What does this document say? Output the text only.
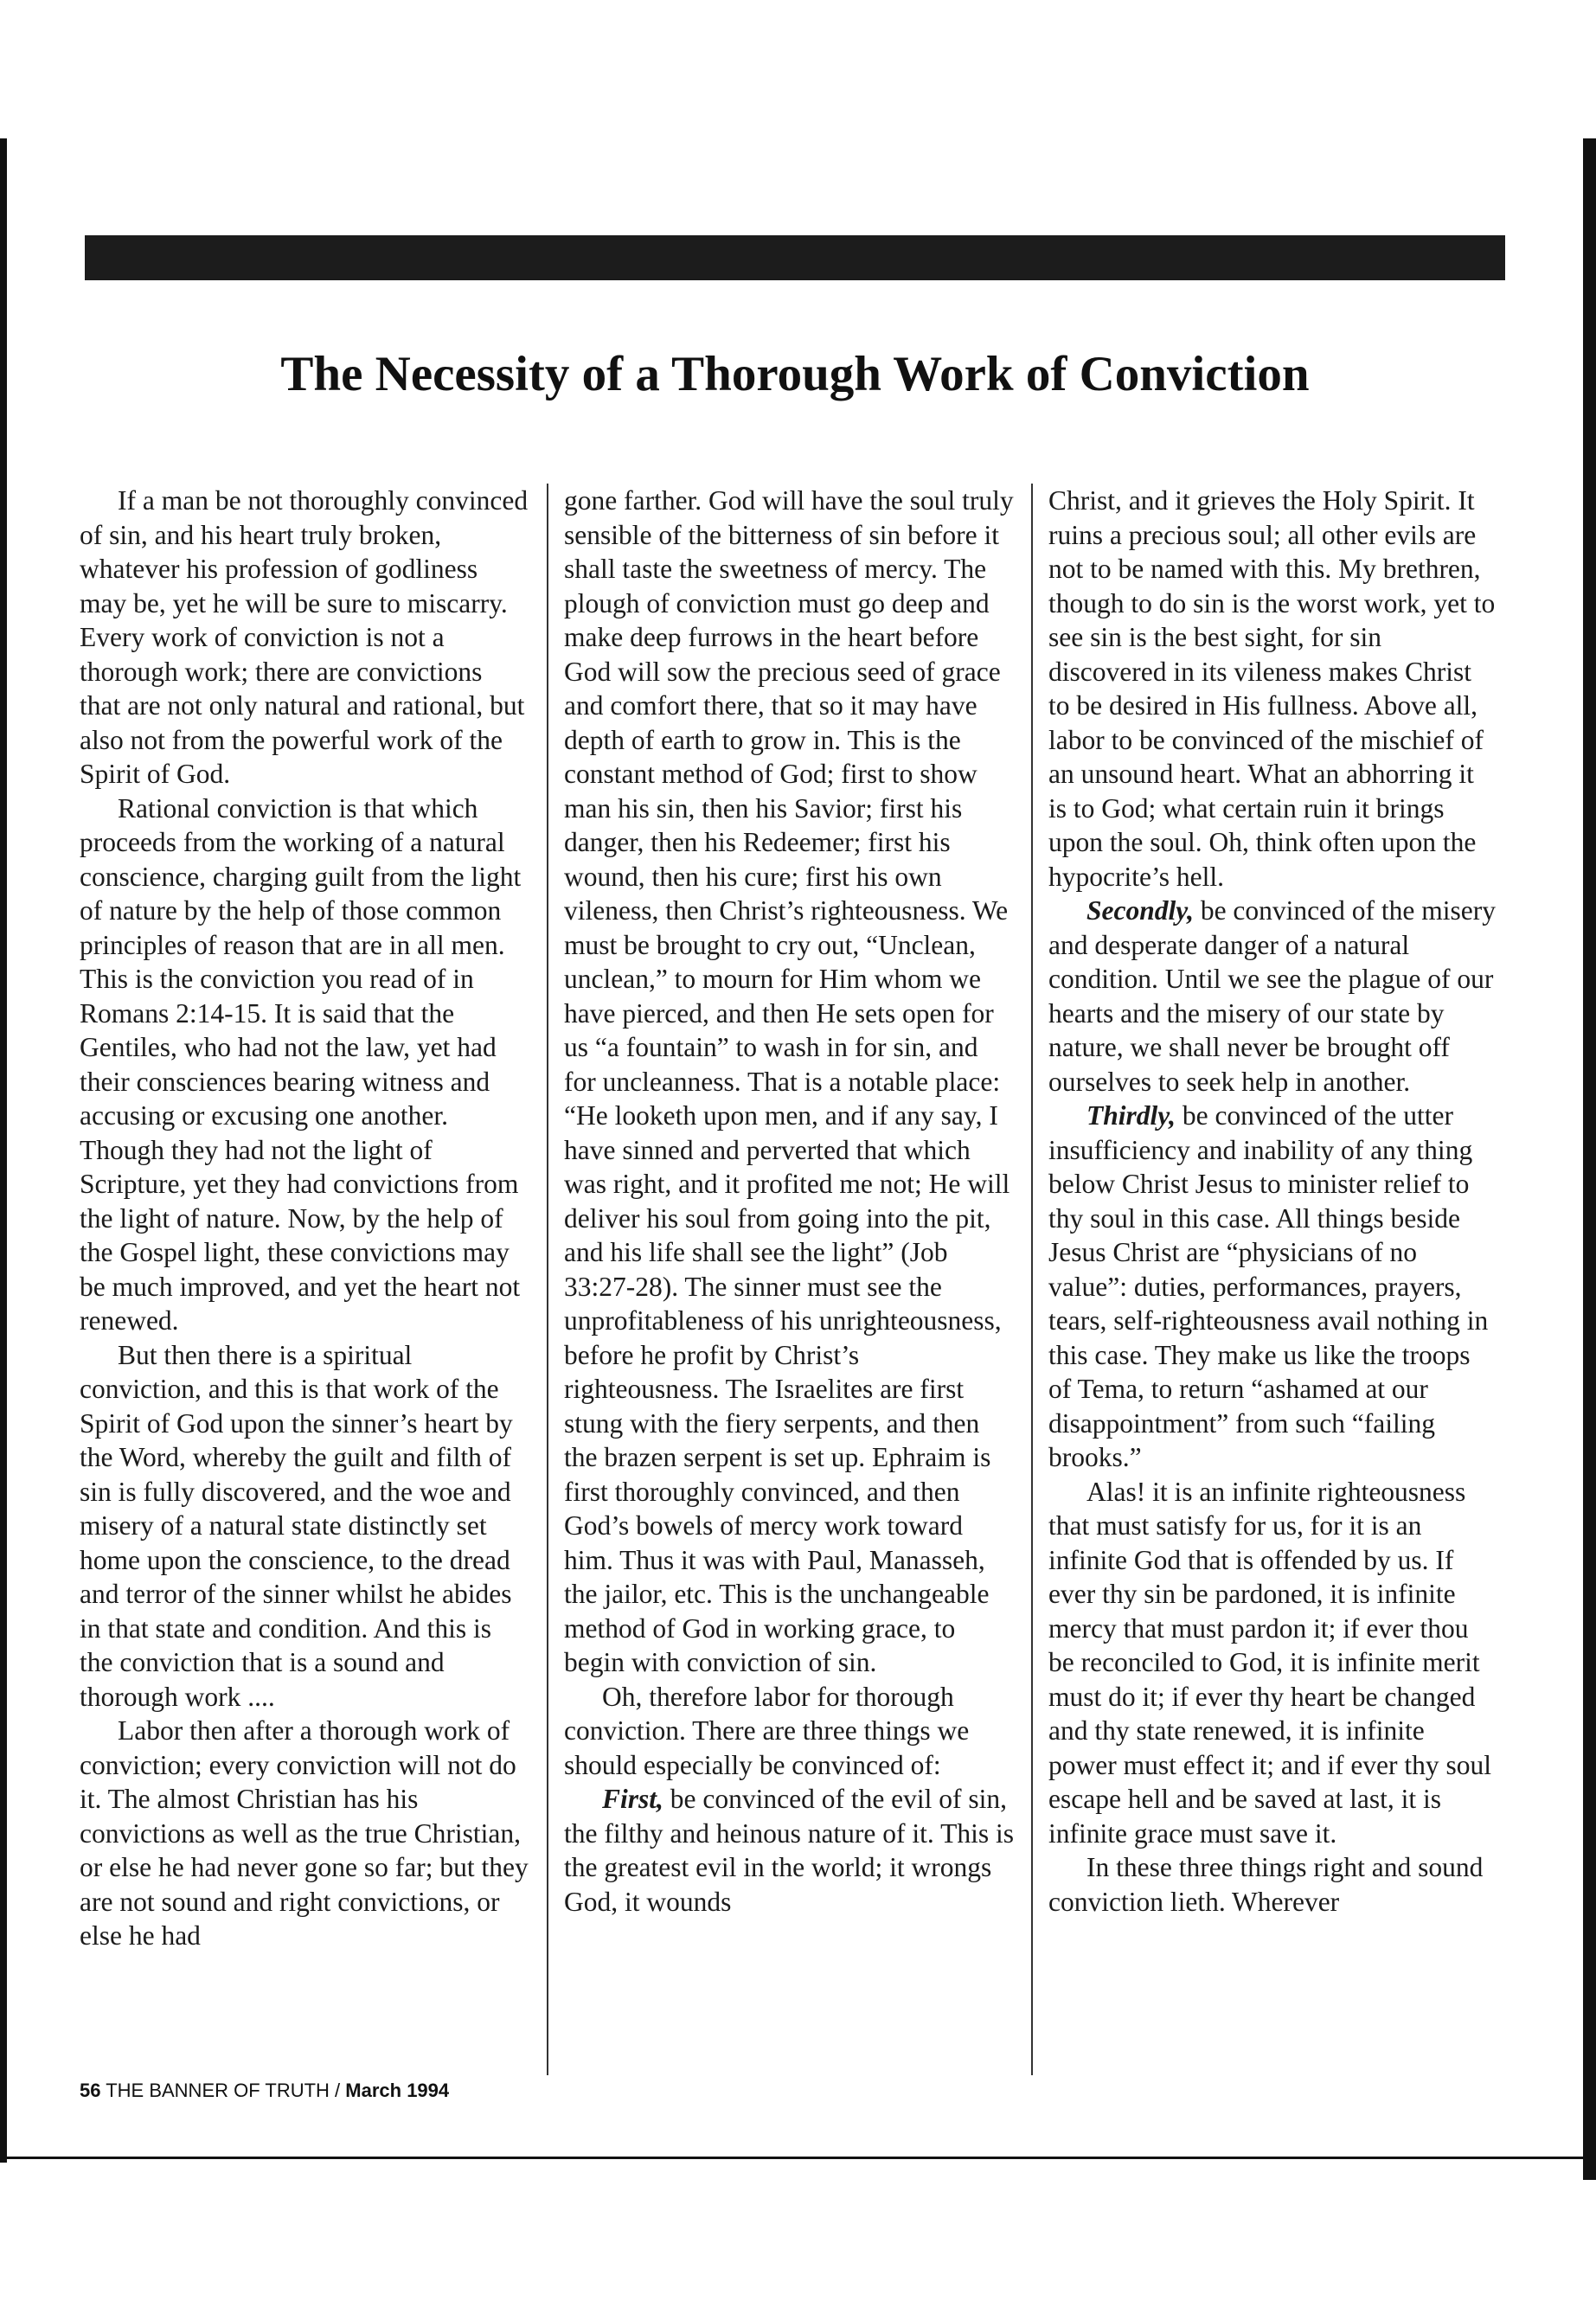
The Necessity of a Thorough Work of Conviction

If a man be not thoroughly convinced of sin, and his heart truly broken, whatever his profession of godliness may be, yet he will be sure to miscarry. Every work of conviction is not a thorough work; there are convictions that are not only natural and rational, but also not from the powerful work of the Spirit of God.

Rational conviction is that which proceeds from the working of a natural conscience, charging guilt from the light of nature by the help of those common principles of reason that are in all men. This is the conviction you read of in Romans 2:14-15. It is said that the Gentiles, who had not the law, yet had their consciences bearing witness and accusing or excusing one another. Though they had not the light of Scripture, yet they had convictions from the light of nature. Now, by the help of the Gospel light, these convictions may be much improved, and yet the heart not renewed.

But then there is a spiritual conviction, and this is that work of the Spirit of God upon the sinner’s heart by the Word, whereby the guilt and filth of sin is fully discovered, and the woe and misery of a natural state distinctly set home upon the conscience, to the dread and terror of the sinner whilst he abides in that state and condition. And this is the conviction that is a sound and thorough work ....

Labor then after a thorough work of conviction; every conviction will not do it. The almost Christian has his convictions as well as the true Christian, or else he had never gone so far; but they are not sound and right convictions, or else he had

gone farther. God will have the soul truly sensible of the bitterness of sin before it shall taste the sweetness of mercy. The plough of conviction must go deep and make deep furrows in the heart before God will sow the precious seed of grace and comfort there, that so it may have depth of earth to grow in. This is the constant method of God; first to show man his sin, then his Savior; first his danger, then his Redeemer; first his wound, then his cure; first his own vileness, then Christ’s righteousness. We must be brought to cry out, “Unclean, unclean,” to mourn for Him whom we have pierced, and then He sets open for us “a fountain” to wash in for sin, and for uncleanness. That is a notable place: “He looketh upon men, and if any say, I have sinned and perverted that which was right, and it profited me not; He will deliver his soul from going into the pit, and his life shall see the light” (Job 33:27-28). The sinner must see the unprofitableness of his unrighteousness, before he profit by Christ’s righteousness. The Israelites are first stung with the fiery serpents, and then the brazen serpent is set up. Ephraim is first thoroughly convinced, and then God’s bowels of mercy work toward him. Thus it was with Paul, Manasseh, the jailor, etc. This is the unchangeable method of God in working grace, to begin with conviction of sin.

Oh, therefore labor for thorough conviction. There are three things we should especially be convinced of:

First, be convinced of the evil of sin, the filthy and heinous nature of it. This is the greatest evil in the world; it wrongs God, it wounds

Christ, and it grieves the Holy Spirit. It ruins a precious soul; all other evils are not to be named with this. My brethren, though to do sin is the worst work, yet to see sin is the best sight, for sin discovered in its vileness makes Christ to be desired in His fullness. Above all, labor to be convinced of the mischief of an unsound heart. What an abhorring it is to God; what certain ruin it brings upon the soul. Oh, think often upon the hypocrite’s hell.

Secondly, be convinced of the misery and desperate danger of a natural condition. Until we see the plague of our hearts and the misery of our state by nature, we shall never be brought off ourselves to seek help in another.

Thirdly, be convinced of the utter insufficiency and inability of any thing below Christ Jesus to minister relief to thy soul in this case. All things beside Jesus Christ are “physicians of no value”: duties, performances, prayers, tears, self-righteousness avail nothing in this case. They make us like the troops of Tema, to return “ashamed at our disappointment” from such “failing brooks.”

Alas! it is an infinite righteousness that must satisfy for us, for it is an infinite God that is offended by us. If ever thy sin be pardoned, it is infinite mercy that must pardon it; if ever thou be reconciled to God, it is infinite merit must do it; if ever thy heart be changed and thy state renewed, it is infinite power must effect it; and if ever thy soul escape hell and be saved at last, it is infinite grace must save it.

In these three things right and sound conviction lieth. Wherever

56 THE BANNER OF TRUTH / March 1994
